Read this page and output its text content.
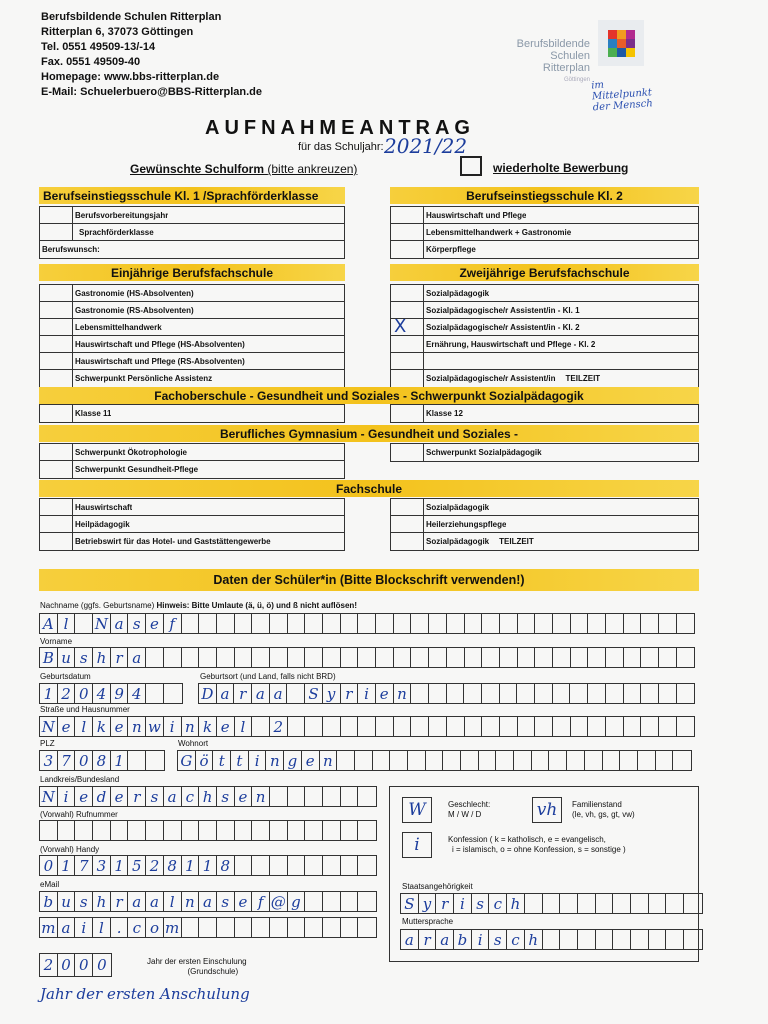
Berufsbildende Schulen Ritterplan
Ritterplan 6, 37073 Göttingen
Tel. 0551 49509-13/-14
Fax. 0551 49509-40
Homepage: www.bbs-ritterplan.de
E-Mail: Schuelerbuero@BBS-Ritterplan.de
Berufsbildende
Schulen
Ritterplan
Göttingen im Mittelpunkt der Mensch
AUFNAHMEANTRAG
für das Schuljahr: 2021/22
Gewünschte Schulform (bitte ankreuzen)	wiederholte Bewerbung
Berufseinstiegsschule Kl. 1 /Sprachförderklasse
Berufsvorbereitungsjahr
Sprachförderklasse
Berufswunsch:
Berufseinstiegsschule Kl. 2
Hauswirtschaft und Pflege
Lebensmittelhandwerk + Gastronomie
Körperpflege
Einjährige Berufsfachschule
Gastronomie (HS-Absolventen)
Gastronomie (RS-Absolventen)
Lebensmittelhandwerk
Hauswirtschaft und Pflege (HS-Absolventen)
Hauswirtschaft und Pflege (RS-Absolventen)
Schwerpunkt Persönliche Assistenz
Zweijährige Berufsfachschule
Sozialpädagogik
Sozialpädagogische/r Assistent/in - Kl. 1
X Sozialpädagogische/r Assistent/in - Kl. 2
Ernährung, Hauswirtschaft und Pflege - Kl. 2
Sozialpädagogische/r Assistent/in TEILZEIT
Fachoberschule - Gesundheit und Soziales - Schwerpunkt Sozialpädagogik
Klasse 11	Klasse 12
Berufliches Gymnasium - Gesundheit und Soziales -
Schwerpunkt Ökotrophologie
Schwerpunkt Gesundheit-Pflege
Schwerpunkt Sozialpädagogik
Fachschule
Hauswirtschaft
Heilpädagogik
Betriebswirt für das Hotel- und Gaststättengewerbe
Sozialpädagogik
Heilerziehungspflege
Sozialpädagogik TEILZEIT
Daten der Schüler*in (Bitte Blockschrift verwenden!)
Nachname (ggfs. Geburtsname) Hinweis: Bitte Umlaute (ä, ü, ö) und ß nicht auflösen!
A l	N a s e f
Vorname
B u s h r a
Geburtsdatum	Geburtsort (und Land, falls nicht BRD)
1 2 0 4 9 4	D a r a a	S y r i e n
Straße und Hausnummer
N e l k e n w i n k e l	2
PLZ	Wohnort
3 7 0 8 1	G ö t t i n g e n
Landkreis/Bundesland
N i e d e r s a c h s e n
(Vorwahl) Rufnummer
(Vorwahl) Handy
0 1 7 3 1 5 2 8 1 1 8
eMail
b u s h r a a l n a s e f @ g
m a i l . c o m
2 0 0 0	Jahr der ersten Einschulung
(Grundschule)
W	Geschlecht:
M / W / D	vh	Familienstand
(le, vh, gs, gt, vw)
i	Konfession ( k = katholisch, e = evangelisch,
i = islamisch, o = ohne Konfession, s = sonstige )
Staatsangehörigkeit
S y r i s c h
Muttersprache
a r a b i s c h
Jahr der ersten Anschulung
